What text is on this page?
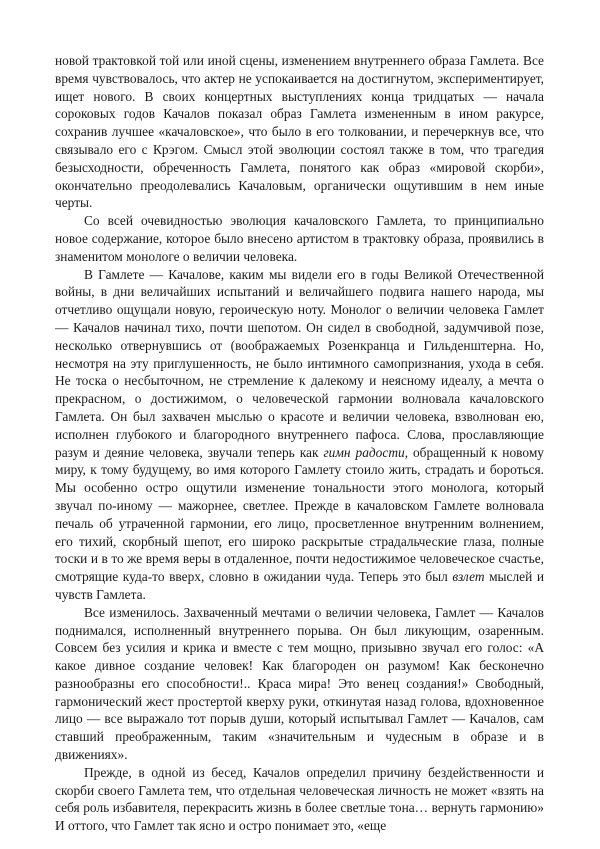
новой трактовкой той или иной сцены, изменением внутреннего образа Гамлета. Все время чувствовалось, что актер не успокаивается на достигнутом, экспериментирует, ищет нового. В своих концертных выступлениях конца тридцатых — начала сороковых годов Качалов показал образ Гамлета измененным в ином ракурсе, сохранив лучшее «качаловское», что было в его толковании, и перечеркнув все, что связывало его с Крэгом. Смысл этой эволюции состоял также в том, что трагедия безысходности, обреченность Гамлета, понятого как образ «мировой скорби», окончательно преодолевались Качаловым, органически ощутившим в нем иные черты.

Со всей очевидностью эволюция качаловского Гамлета, то принципиально новое содержание, которое было внесено артистом в трактовку образа, проявились в знаменитом монологе о величии человека.

В Гамлете — Качалове, каким мы видели его в годы Великой Отечественной войны, в дни величайших испытаний и величайшего подвига нашего народа, мы отчетливо ощущали новую, героическую ноту. Монолог о величии человека Гамлет — Качалов начинал тихо, почти шепотом. Он сидел в свободной, задумчивой позе, несколько отвернувшись от (воображаемых Розенкранца и Гильденштерна. Но, несмотря на эту приглушенность, не было интимного самопризнания, ухода в себя. Не тоска о несбыточном, не стремление к далекому и неясному идеалу, а мечта о прекрасном, о достижимом, о человеческой гармонии волновала качаловского Гамлета. Он был захвачен мыслью о красоте и величии человека, взволнован ею, исполнен глубокого и благородного внутреннего пафоса. Слова, прославляющие разум и деяние человека, звучали теперь как гимн радости, обращенный к новому миру, к тому будущему, во имя которого Гамлету стоило жить, страдать и бороться. Мы особенно остро ощутили изменение тональности этого монолога, который звучал по-иному — мажорнее, светлее. Прежде в качаловском Гамлете волновала печаль об утраченной гармонии, его лицо, просветленное внутренним волнением, его тихий, скорбный шепот, его широко раскрытые страдальческие глаза, полные тоски и в то же время веры в отдаленное, почти недостижимое человеческое счастье, смотрящие куда-то вверх, словно в ожидании чуда. Теперь это был взлет мыслей и чувств Гамлета.

Все изменилось. Захваченный мечтами о величии человека, Гамлет — Качалов поднимался, исполненный внутреннего порыва. Он был ликующим, озаренным. Совсем без усилия и крика и вместе с тем мощно, призывно звучал его голос: «А какое дивное создание человек! Как благороден он разумом! Как бесконечно разнообразны его способности!.. Краса мира! Это венец создания!» Свободный, гармонический жест простертой кверху руки, откинутая назад голова, вдохновенное лицо — все выражало тот порыв души, который испытывал Гамлет — Качалов, сам ставший преображенным, таким «значительным и чудесным в образе и в движениях».

Прежде, в одной из бесед, Качалов определил причину бездейственности и скорби своего Гамлета тем, что отдельная человеческая личность не может «взять на себя роль избавителя, перекрасить жизнь в более светлые тона… вернуть гармонию» И оттого, что Гамлет так ясно и остро понимает это, «еще
